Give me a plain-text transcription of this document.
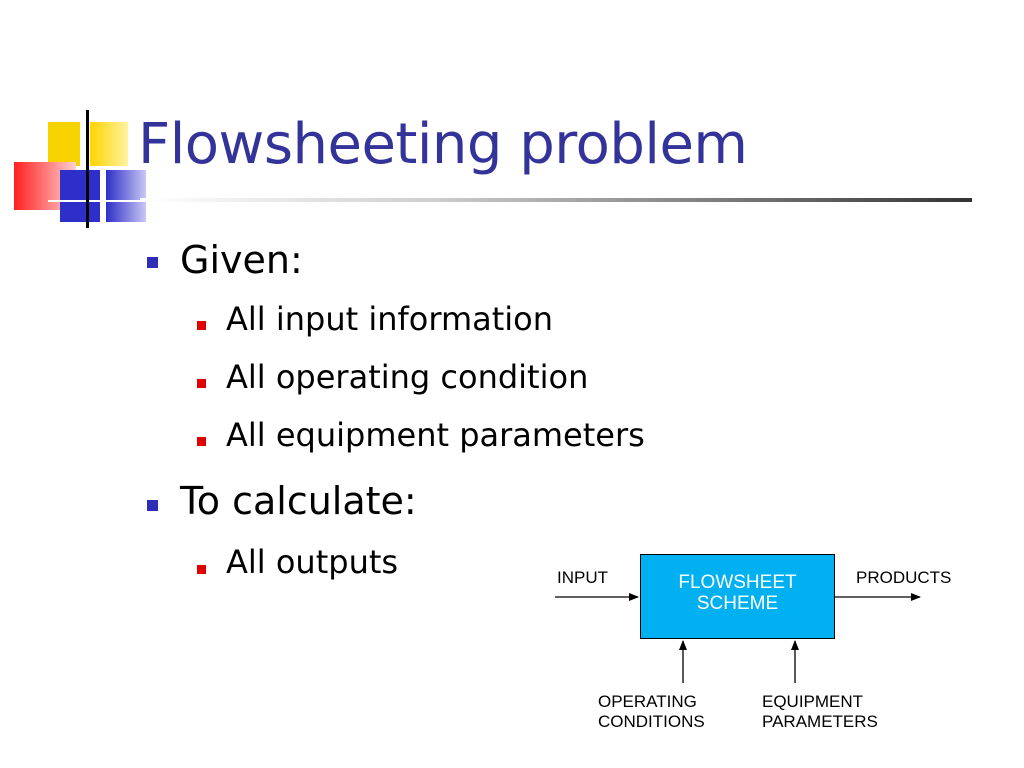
Flowsheeting problem
Given:
All input information
All operating condition
All equipment parameters
To calculate:
All outputs
FLOWSHEET
SCHEME
INPUT	PRODUCTS
OPERATING
CONDITIONS
EQUIPMENT
PARAMETERS
